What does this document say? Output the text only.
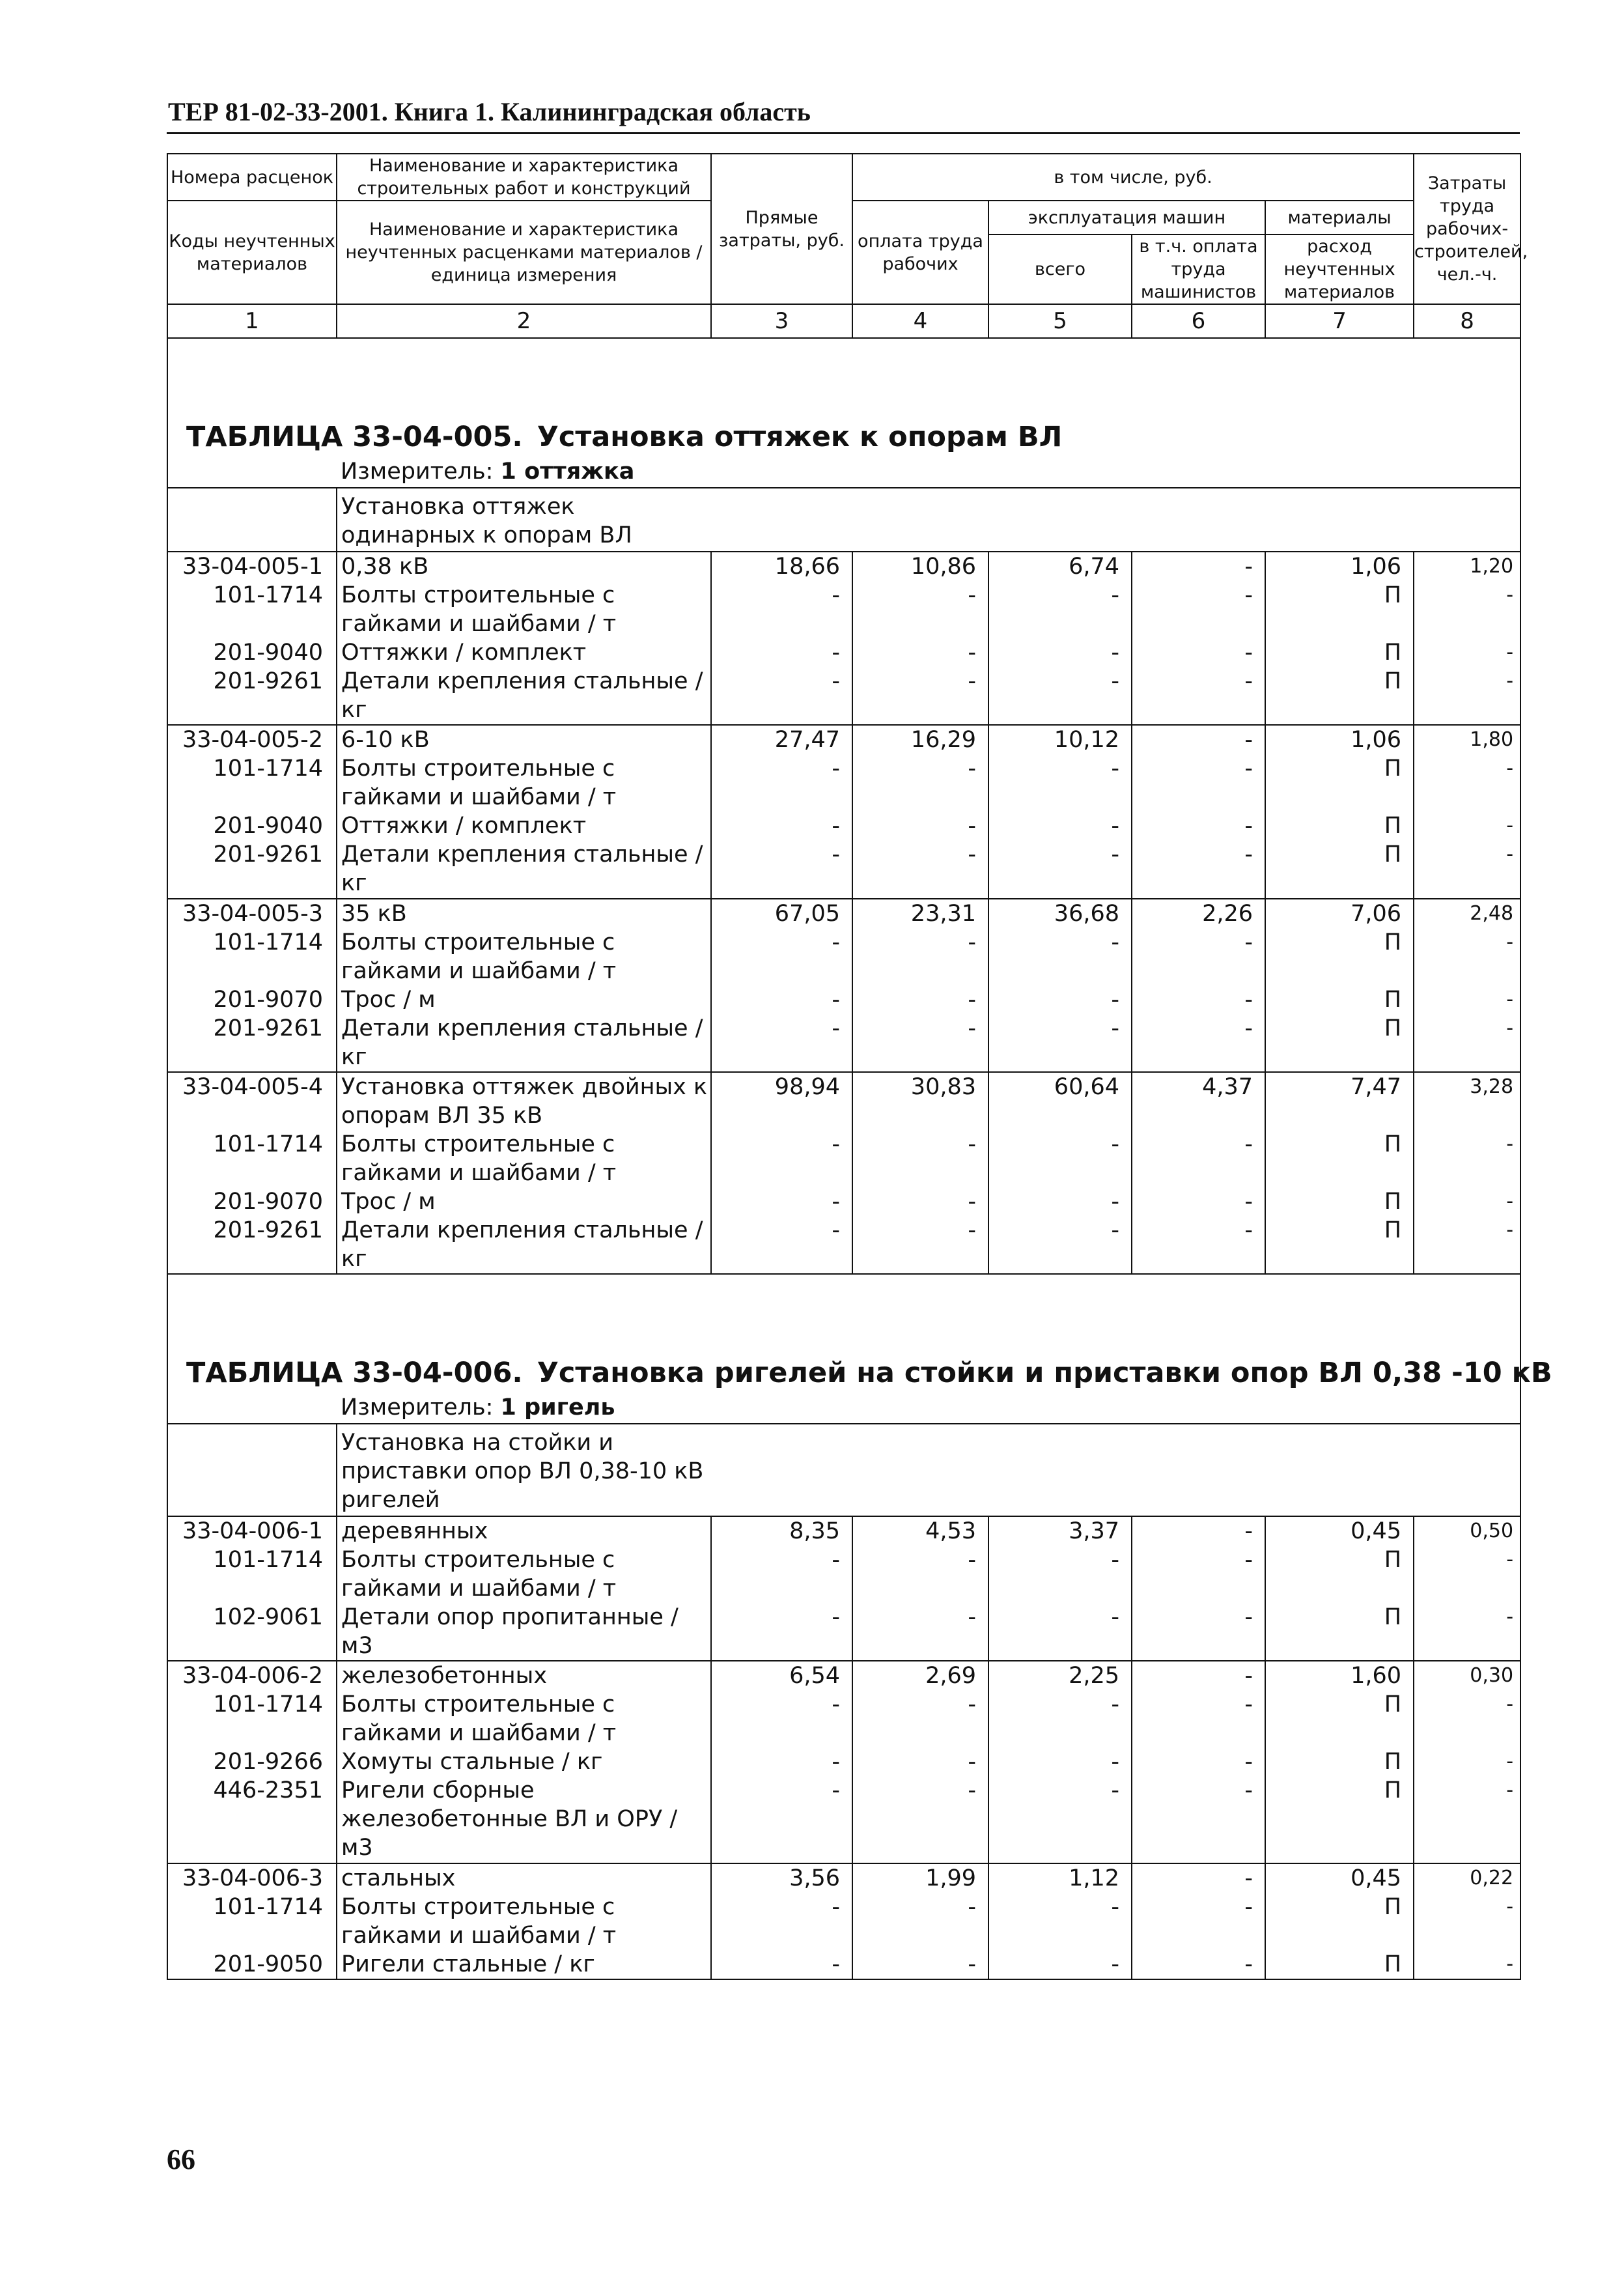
ТЕР 81-02-33-2001. Книга 1. Калининградская область
Номера расценок	Наименование и характеристика строительных работ и конструкций	Прямые затраты, руб.	в том числе, руб.				Затраты труда рабочих-строителей, чел.-ч.
Коды неучтенных материалов	Наименование и характеристика неучтенных расценками материалов / единица измерения		оплата труда рабочих	эксплуатация машин		материалы	
				всего	в т.ч. оплата труда машинистов	расход неучтенных материалов	

1	2	3	4	5	6	7	8

ТАБЛИЦА 33-04-005. Установка оттяжек к опорам ВЛ
Измеритель: 1 оттяжка							

	Установка оттяжек одинарных к опорам ВЛ						

33-04-005-1	0,38 кВ	18,66	10,86	6,74	-	1,06	1,20
101-1714	Болты строительные с гайками и шайбами / т	-	-	-	-	П	-
201-9040	Оттяжки / комплект	-	-	-	-	П	-
201-9261	Детали крепления стальные / кг	-	-	-	-	П	-
33-04-005-2	6-10 кВ	27,47	16,29	10,12	-	1,06	1,80
101-1714	Болты строительные с гайками и шайбами / т	-	-	-	-	П	-
201-9040	Оттяжки / комплект	-	-	-	-	П	-
201-9261	Детали крепления стальные / кг	-	-	-	-	П	-
33-04-005-3	35 кВ	67,05	23,31	36,68	2,26	7,06	2,48
101-1714	Болты строительные с гайками и шайбами / т	-	-	-	-	П	-
201-9070	Трос / м	-	-	-	-	П	-
201-9261	Детали крепления стальные / кг	-	-	-	-	П	-
33-04-005-4	Установка оттяжек двойных к опорам ВЛ 35 кВ	98,94	30,83	60,64	4,37	7,47	3,28
101-1714	Болты строительные с гайками и шайбами / т	-	-	-	-	П	-
201-9070	Трос / м	-	-	-	-	П	-
201-9261	Детали крепления стальные / кг	-	-	-	-	П	-

ТАБЛИЦА 33-04-006. Установка ригелей на стойки и приставки опор ВЛ 0,38 -10 кВ
Измеритель: 1 ригель							

	Установка на стойки и приставки опор ВЛ 0,38-10 кВ ригелей						

33-04-006-1	деревянных	8,35	4,53	3,37	-	0,45	0,50
101-1714	Болты строительные с гайками и шайбами / т	-	-	-	-	П	-
102-9061	Детали опор пропитанные / м3	-	-	-	-	П	-
33-04-006-2	железобетонных	6,54	2,69	2,25	-	1,60	0,30
101-1714	Болты строительные с гайками и шайбами / т	-	-	-	-	П	-
201-9266	Хомуты стальные / кг	-	-	-	-	П	-
446-2351	Ригели сборные железобетонные ВЛ и ОРУ / м3	-	-	-	-	П	-
33-04-006-3	стальных	3,56	1,99	1,12	-	0,45	0,22
101-1714	Болты строительные с гайками и шайбами / т	-	-	-	-	П	-
201-9050	Ригели стальные / кг	-	-	-	-	П	-

66
